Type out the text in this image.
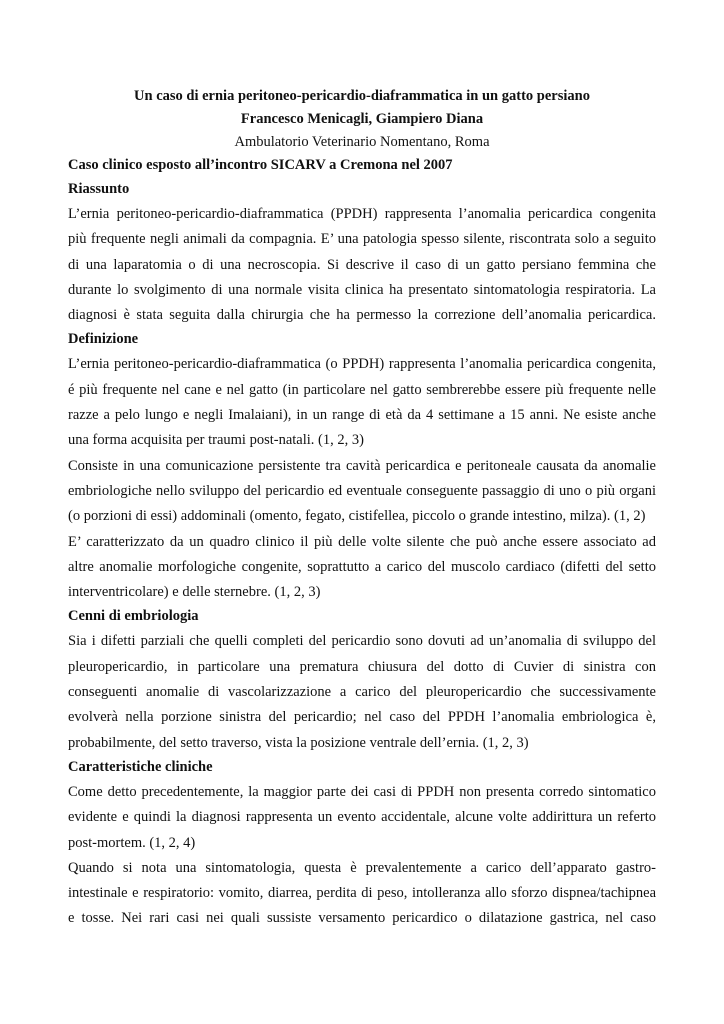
Un caso di ernia peritoneo-pericardio-diaframmatica in un gatto persiano
Francesco Menicagli, Giampiero Diana
Ambulatorio Veterinario Nomentano, Roma
Caso clinico esposto all’incontro SICARV a Cremona nel 2007
Riassunto
L’ernia peritoneo-pericardio-diaframmatica (PPDH) rappresenta l’anomalia pericardica congenita
più frequente negli animali da compagnia. E’ una patologia spesso silente, riscontrata solo a seguito
di una laparatomia o di una necroscopia. Si descrive il caso di un gatto persiano femmina che
durante lo svolgimento di una normale visita clinica ha presentato sintomatologia respiratoria. La
diagnosi è stata seguita dalla chirurgia che ha permesso la correzione dell’anomalia pericardica.
Definizione
L’ernia peritoneo-pericardio-diaframmatica (o PPDH) rappresenta l’anomalia pericardica congenita,
é più frequente nel cane e nel gatto (in particolare nel gatto sembrerebbe essere più frequente nelle
razze a pelo lungo e negli Imalaiani), in un range di età da 4 settimane a 15 anni. Ne esiste anche
una forma acquisita per traumi post-natali. (1, 2, 3)
Consiste in una comunicazione persistente tra cavità pericardica e peritoneale causata da anomalie
embriologiche nello sviluppo del pericardio ed eventuale conseguente passaggio di uno o più organi
(o porzioni di essi) addominali (omento, fegato, cistifellea, piccolo o grande intestino, milza). (1, 2)
E’ caratterizzato da un quadro clinico il più delle volte silente che può anche essere associato ad
altre anomalie morfologiche congenite, soprattutto a carico del muscolo cardiaco (difetti del setto
interventricolare) e delle sternebre. (1, 2, 3)
Cenni di embriologia
Sia i difetti parziali che quelli completi del pericardio sono dovuti ad un’anomalia di sviluppo del
pleuropericardio, in particolare una prematura chiusura del dotto di Cuvier di sinistra con
conseguenti anomalie di vascolarizzazione a carico del pleuropericardio che successivamente
evolverà nella porzione sinistra del pericardio; nel caso del PPDH l’anomalia embriologica è,
probabilmente, del setto traverso, vista la posizione ventrale dell’ernia. (1, 2, 3)
Caratteristiche cliniche
Come detto precedentemente, la maggior parte dei casi di PPDH non presenta corredo sintomatico
evidente e quindi la diagnosi rappresenta un evento accidentale, alcune volte addirittura un referto
post-mortem. (1, 2, 4)
Quando si nota una sintomatologia, questa è prevalentemente a carico dell’apparato gastro-
intestinale e respiratorio: vomito, diarrea, perdita di peso, intolleranza allo sforzo dispnea/tachipnea
e tosse. Nei rari casi nei quali sussiste versamento pericardico o dilatazione gastrica, nel caso
